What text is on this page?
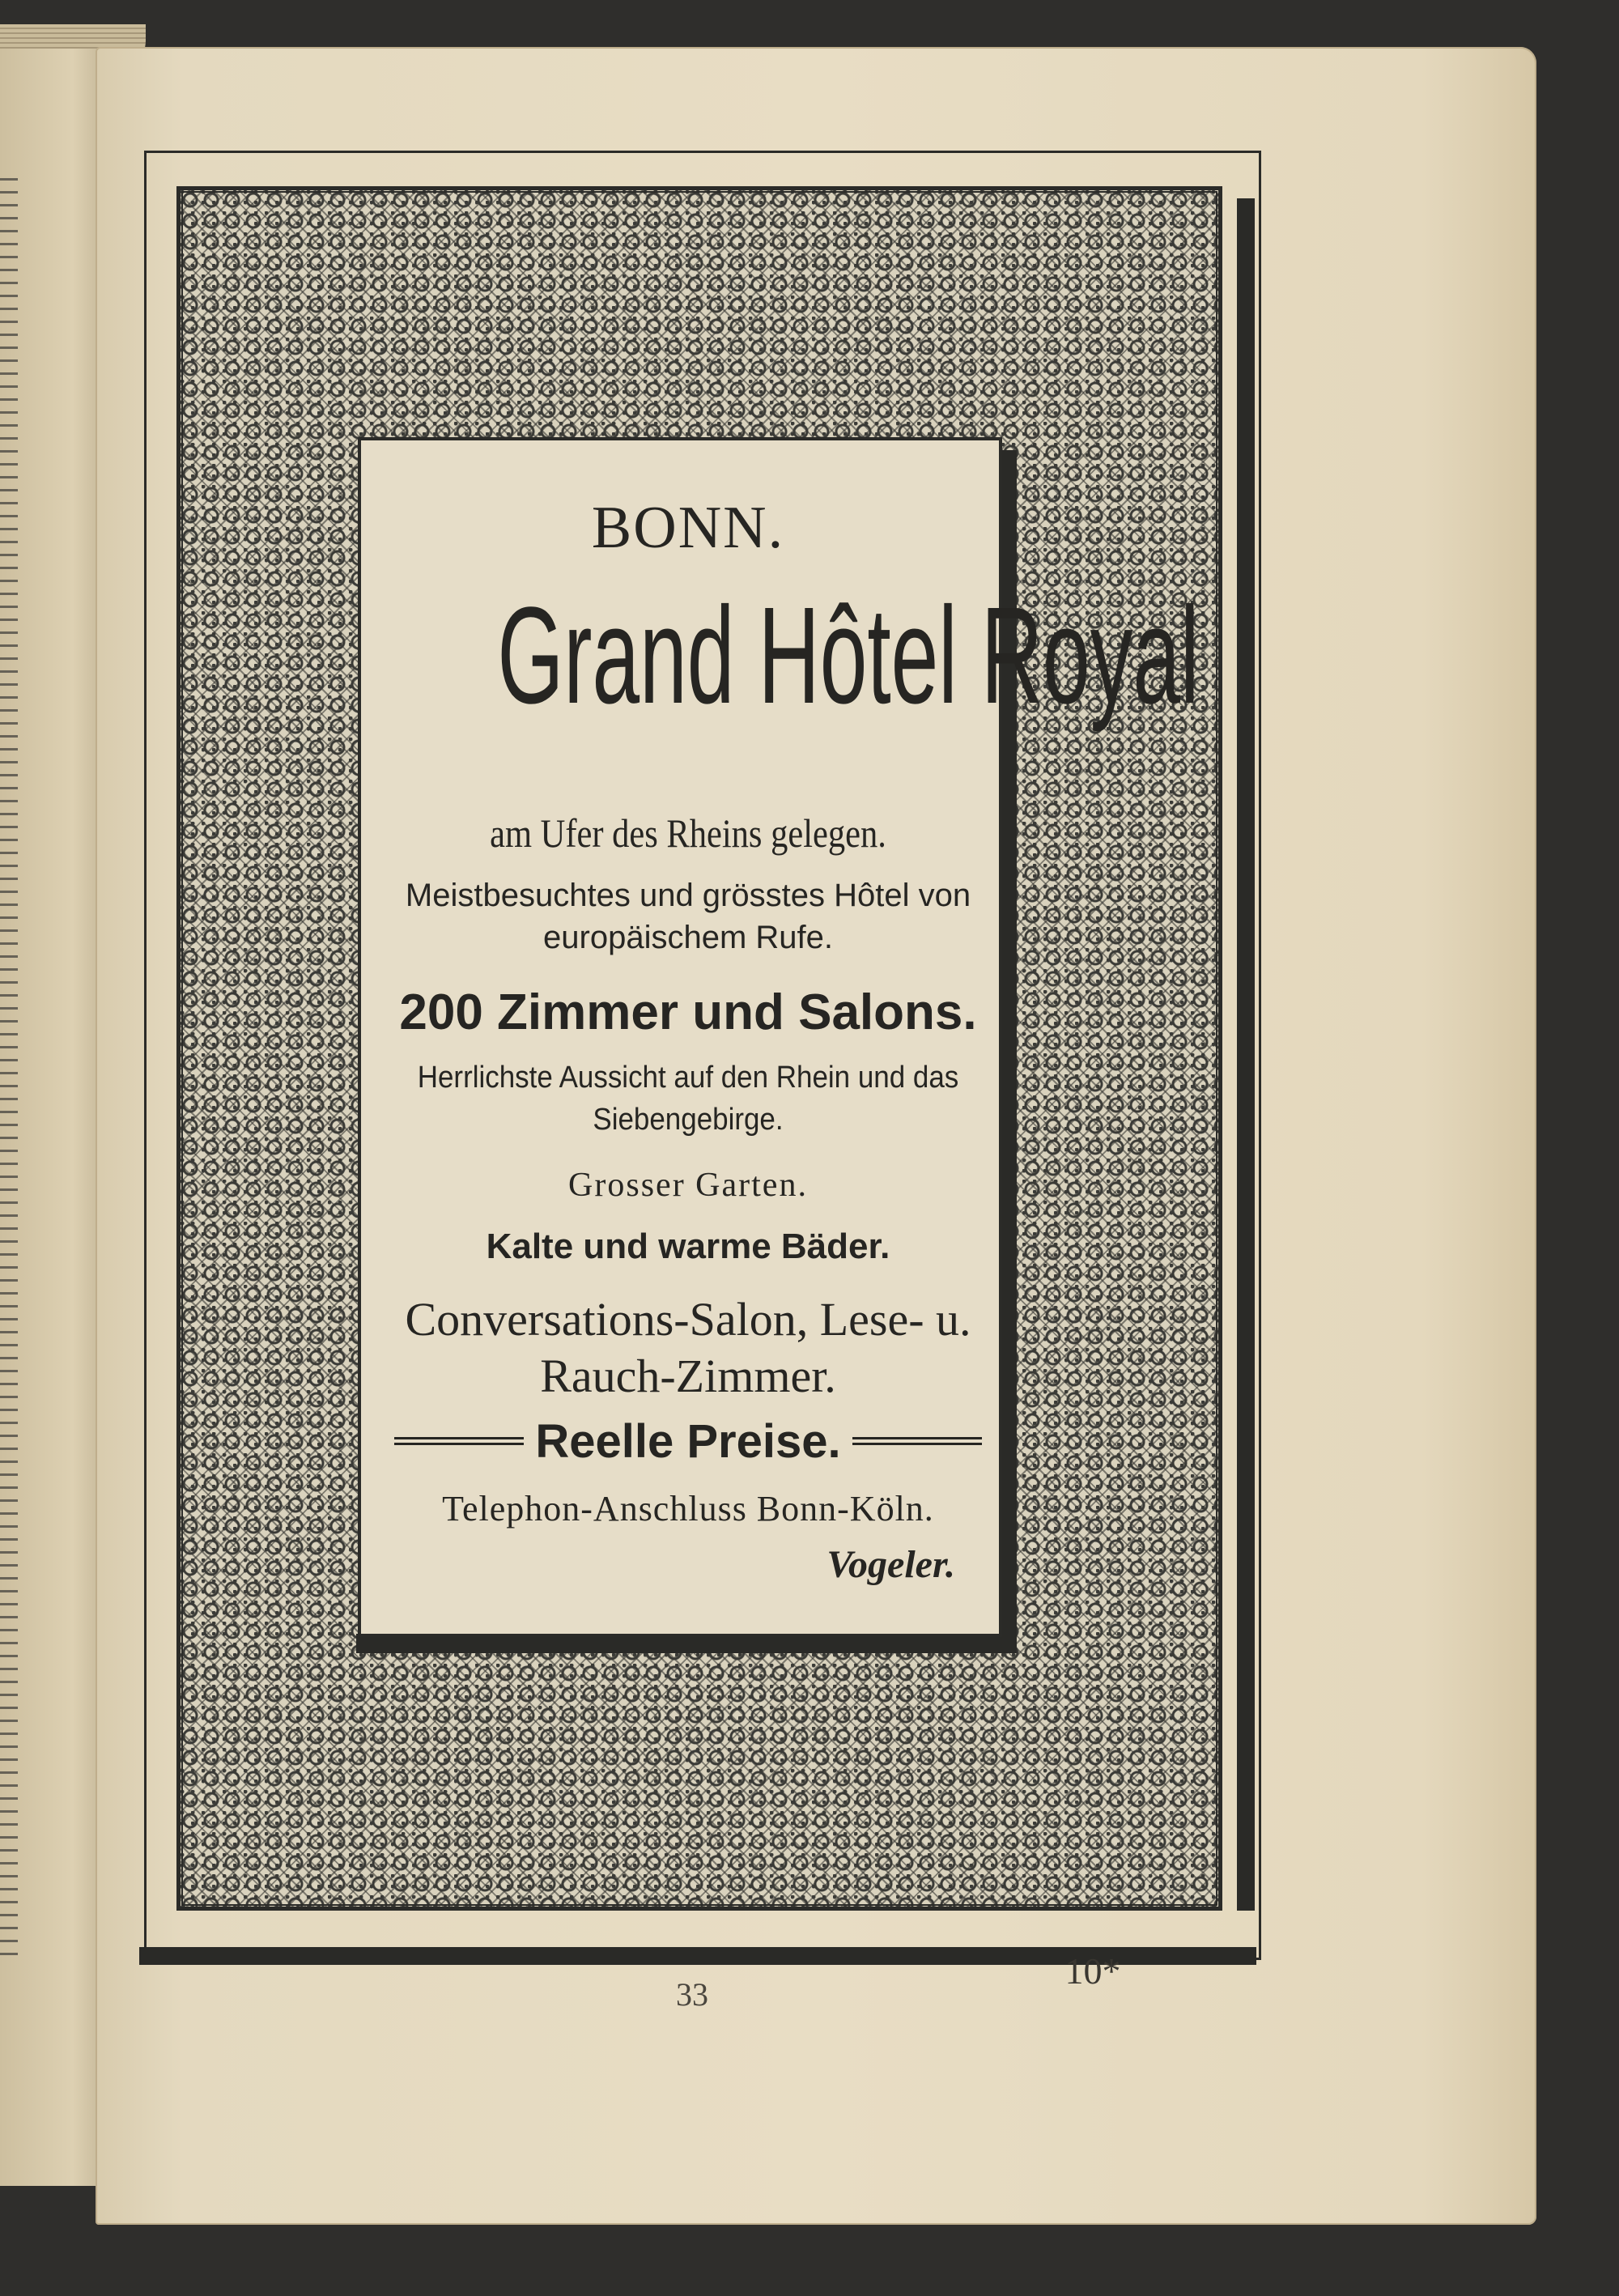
BONN.
Grand Hôtel Royal
am Ufer des Rheins gelegen.
Meistbesuchtes und grösstes Hôtel von europäischem Rufe.
200 Zimmer und Salons.
Herrlichste Aussicht auf den Rhein und das Siebengebirge.
Grosser Garten.
Kalte und warme Bäder.
Conversations-Salon, Lese- u. Rauch-Zimmer.
Reelle Preise.
Telephon-Anschluss Bonn-Köln.
Vogeler.
33
10*
